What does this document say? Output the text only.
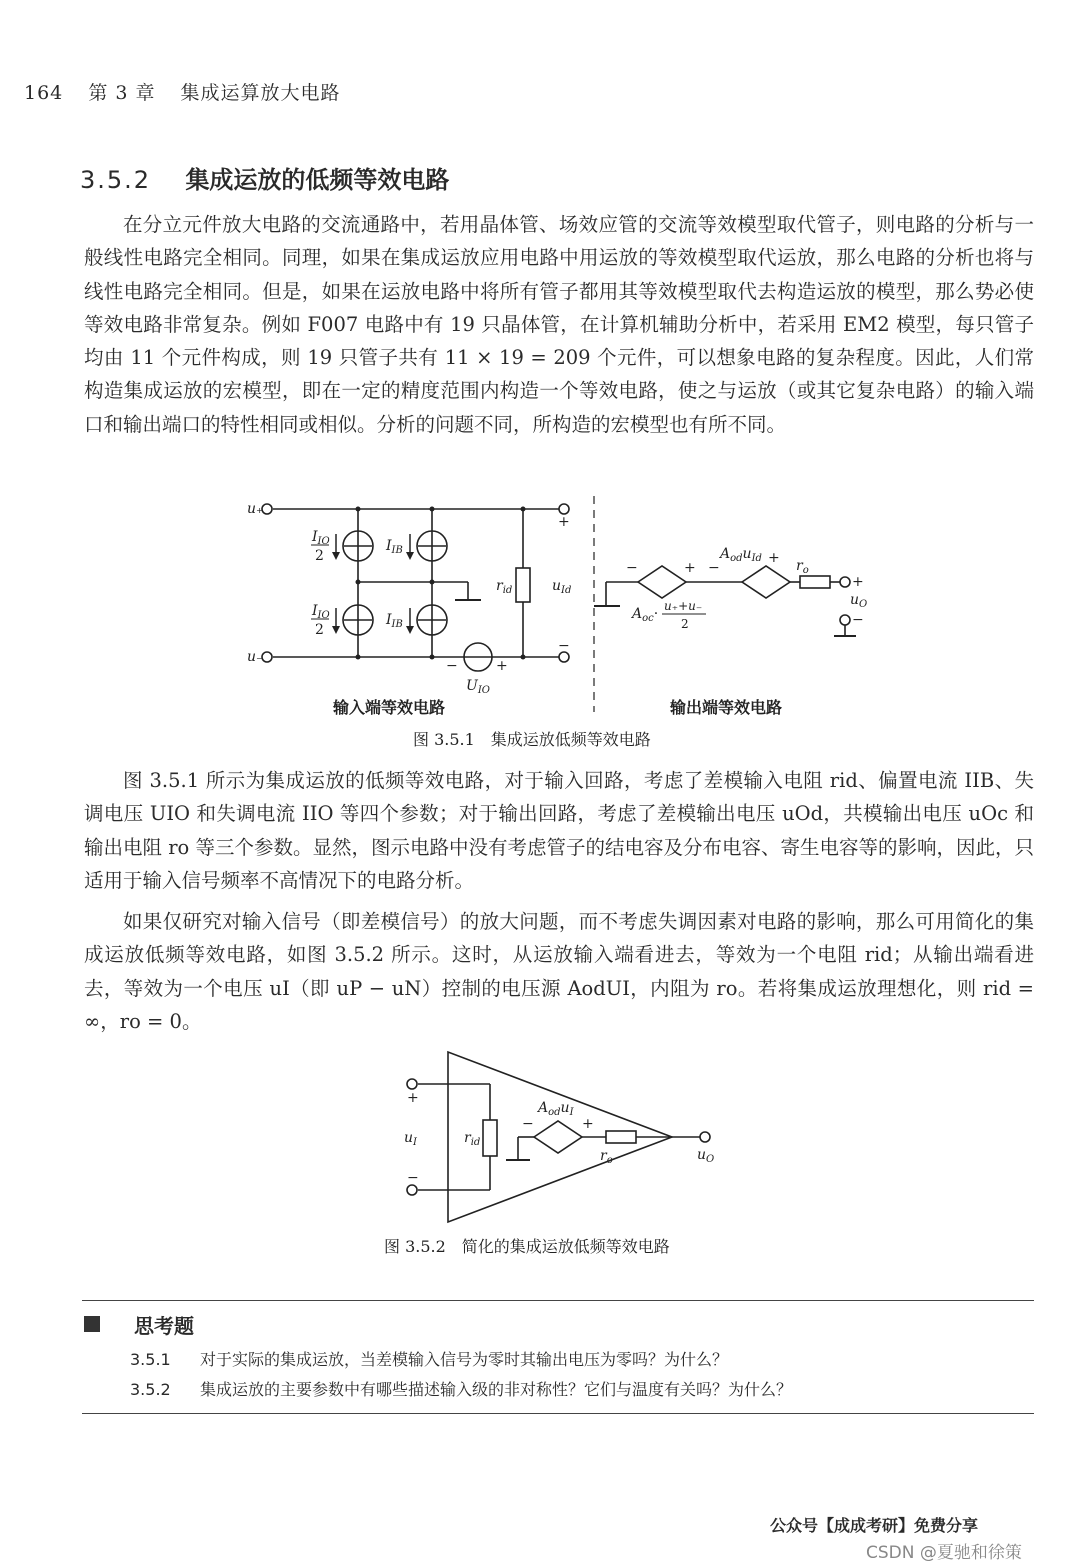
164 第 3 章 集成运算放大电路
3.5.2 集成运放的低频等效电路

在分立元件放大电路的交流通路中，若用晶体管、场效应管的交流等效模型取代管子，则电路的分析与一般线性电路完全相同。同理，如果在集成运放应用电路中用运放的等效模型取代运放，那么电路的分析也将与线性电路完全相同。但是，如果在运放电路中将所有管子都用其等效模型取代去构造运放的模型，那么势必使等效电路非常复杂。例如 F007 电路中有 19 只晶体管，在计算机辅助分析中，若采用 EM2 模型，每只管子均由 11 个元件构成，则 19 只管子共有 11 × 19 = 209 个元件，可以想象电路的复杂程度。因此，人们常构造集成运放的宏模型，即在一定的精度范围内构造一个等效电路，使之与运放（或其它复杂电路）的输入端口和输出端口的特性相同或相似。分析的问题不同，所构造的宏模型也有所不同。

u₊
u₋
$I_{IO}$
2
$I_{IO}$
2
$I_{IB}$
$I_{IB}$
$r_{id}$	$u_{Id}$
$U_{IO}$
$A_{od}u_{Id}$ $r_o$
$A_{oc}\cdot u_++u_-$
2
$u_O$
+
−
+
−
−	+ −
+
+
−
输入端等效电路	输出端等效电路
图 3.5.1　集成运放低频等效电路

图 3.5.1 所示为集成运放的低频等效电路，对于输入回路，考虑了差模输入电阻 rid、偏置电流 IIB、失调电压 UIO 和失调电流 IIO 等四个参数；对于输出回路，考虑了差模输出电压 uOd，共模输出电压 uOc 和输出电阻 ro 等三个参数。显然，图示电路中没有考虑管子的结电容及分布电容、寄生电容等的影响，因此，只适用于输入信号频率不高情况下的电路分析。

如果仅研究对输入信号（即差模信号）的放大问题，而不考虑失调因素对电路的影响，那么可用简化的集成运放低频等效电路，如图 3.5.2 所示。这时，从运放输入端看进去，等效为一个电阻 rid；从输出端看进去，等效为一个电压 uI（即 uP − uN）控制的电压源 AodUI，内阻为 ro。若将集成运放理想化，则 rid = ∞，ro = 0。

$u_I$	$r_{id}$
$A_{od}u_I$
$r_o$	$u_O$
+
−
−	+
图 3.5.2　简化的集成运放低频等效电路
思考题
3.5.1 对于实际的集成运放，当差模输入信号为零时其输出电压为零吗？为什么？
3.5.2 集成运放的主要参数中有哪些描述输入级的非对称性？它们与温度有关吗？为什么？
公众号【成成考研】免费分享
CSDN @夏驰和徐策
